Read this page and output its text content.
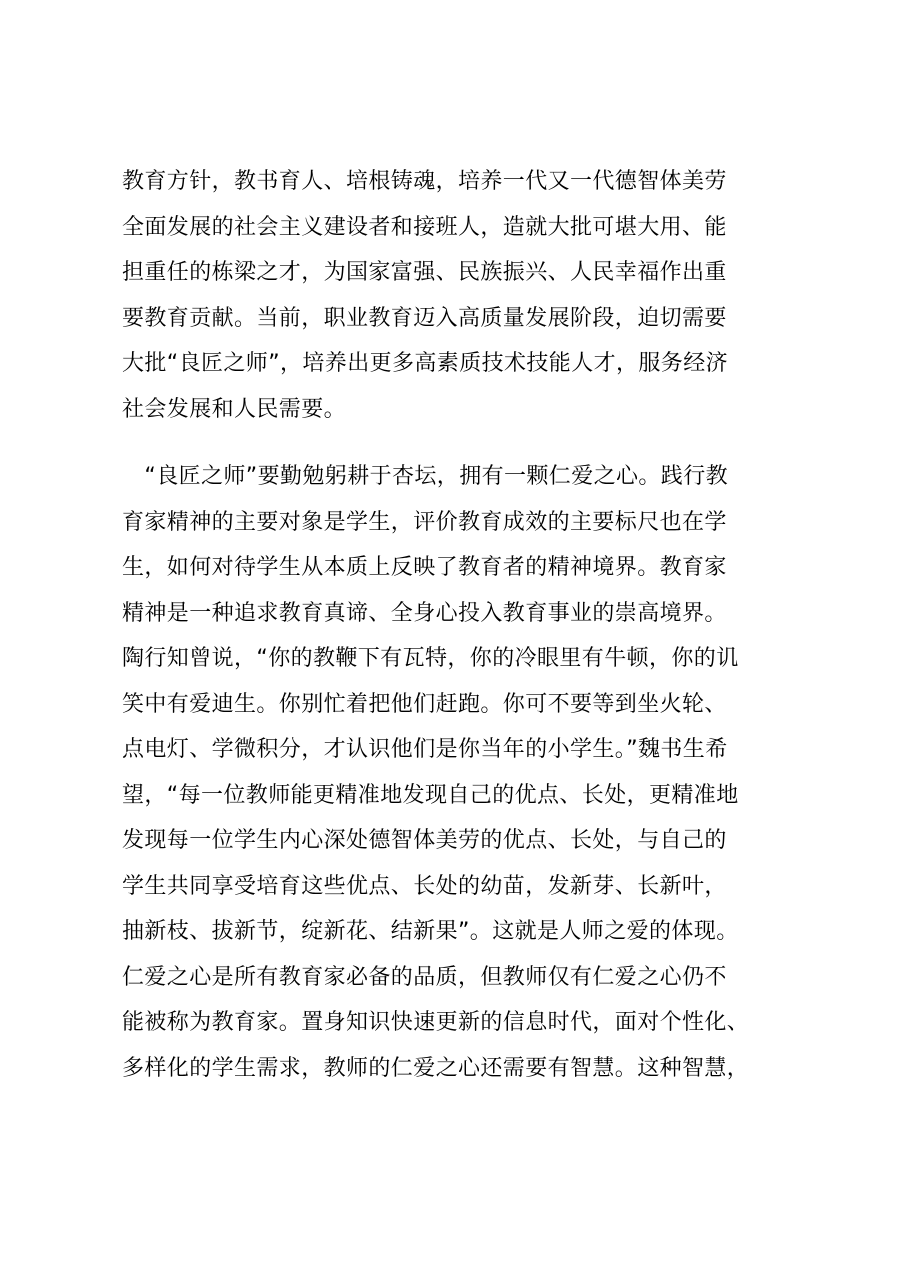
教育方针，教书育人、培根铸魂，培养一代又一代德智体美劳
全面发展的社会主义建设者和接班人，造就大批可堪大用、能
担重任的栋梁之才，为国家富强、民族振兴、人民幸福作出重
要教育贡献。当前，职业教育迈入高质量发展阶段，迫切需要
大批“良匠之师”，培养出更多高素质技术技能人才，服务经济
社会发展和人民需要。
　“良匠之师”要勤勉躬耕于杏坛，拥有一颗仁爱之心。践行教
育家精神的主要对象是学生，评价教育成效的主要标尺也在学
生，如何对待学生从本质上反映了教育者的精神境界。教育家
精神是一种追求教育真谛、全身心投入教育事业的崇高境界。
陶行知曾说，“你的教鞭下有瓦特，你的冷眼里有牛顿，你的讥
笑中有爱迪生。你别忙着把他们赶跑。你可不要等到坐火轮、
点电灯、学微积分，才认识他们是你当年的小学生。”魏书生希
望，“每一位教师能更精准地发现自己的优点、长处，更精准地
发现每一位学生内心深处德智体美劳的优点、长处，与自己的
学生共同享受培育这些优点、长处的幼苗，发新芽、长新叶，
抽新枝、拔新节，绽新花、结新果”。这就是人师之爱的体现。
仁爱之心是所有教育家必备的品质，但教师仅有仁爱之心仍不
能被称为教育家。置身知识快速更新的信息时代，面对个性化、
多样化的学生需求，教师的仁爱之心还需要有智慧。这种智慧，
